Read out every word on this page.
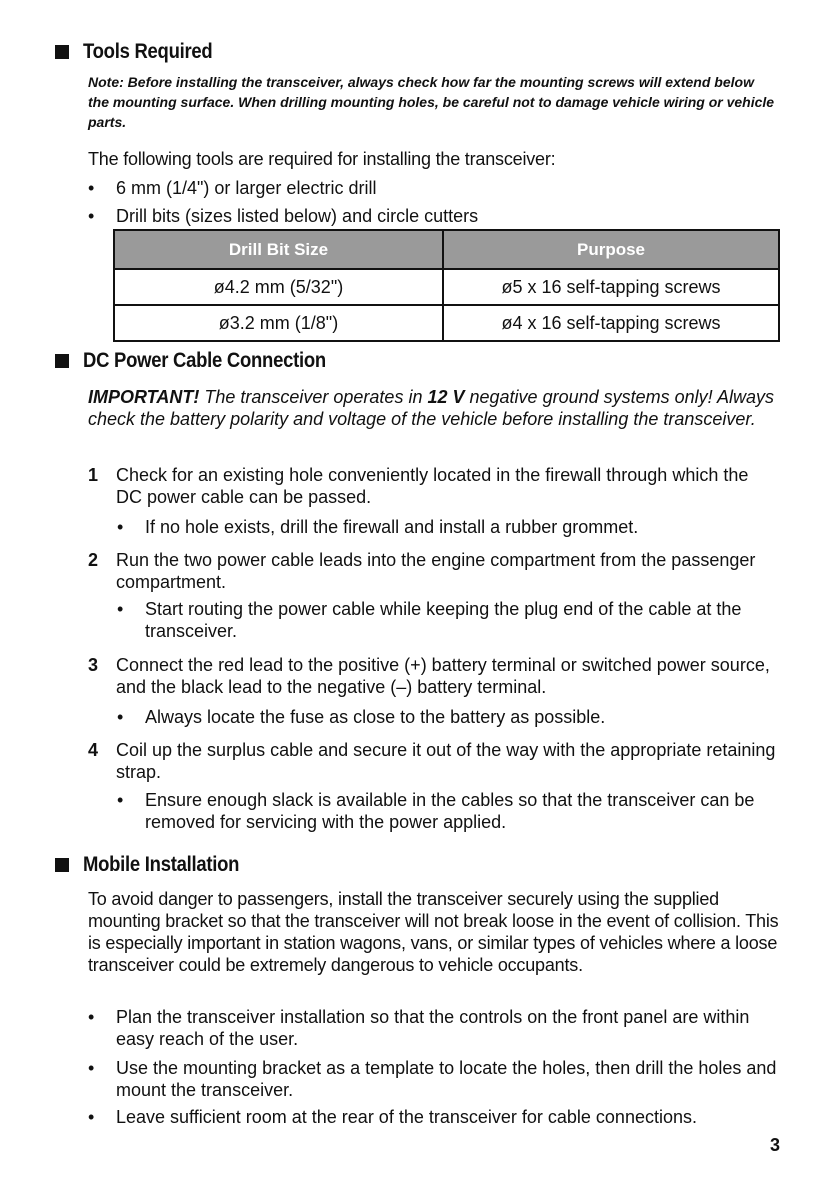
Tools Required
Note: Before installing the transceiver, always check how far the mounting screws will extend below the mounting surface. When drilling mounting holes, be careful not to damage vehicle wiring or vehicle parts.
The following tools are required for installing the transceiver:
•	6 mm (1/4") or larger electric drill
•	Drill bits (sizes listed below) and circle cutters
Drill Bit Size	Purpose
ø4.2 mm (5/32")	ø5 x 16 self-tapping screws
ø3.2 mm (1/8")	ø4 x 16 self-tapping screws
DC Power Cable Connection
IMPORTANT! The transceiver operates in 12 V negative ground systems only! Always check the battery polarity and voltage of the vehicle before installing the transceiver.
1 Check for an existing hole conveniently located in the firewall through which the DC power cable can be passed.
•	If no hole exists, drill the firewall and install a rubber grommet.
2 Run the two power cable leads into the engine compartment from the passenger compartment.
•	Start routing the power cable while keeping the plug end of the cable at the transceiver.
3 Connect the red lead to the positive (+) battery terminal or switched power source, and the black lead to the negative (–) battery terminal.
•	Always locate the fuse as close to the battery as possible.
4 Coil up the surplus cable and secure it out of the way with the appropriate retaining strap.
•	Ensure enough slack is available in the cables so that the transceiver can be removed for servicing with the power applied.
Mobile Installation
To avoid danger to passengers, install the transceiver securely using the supplied mounting bracket so that the transceiver will not break loose in the event of collision. This is especially important in station wagons, vans, or similar types of vehicles where a loose transceiver could be extremely dangerous to vehicle occupants.
•	Plan the transceiver installation so that the controls on the front panel are within easy reach of the user.
•	Use the mounting bracket as a template to locate the holes, then drill the holes and mount the transceiver.
•	Leave sufficient room at the rear of the transceiver for cable connections.
3
